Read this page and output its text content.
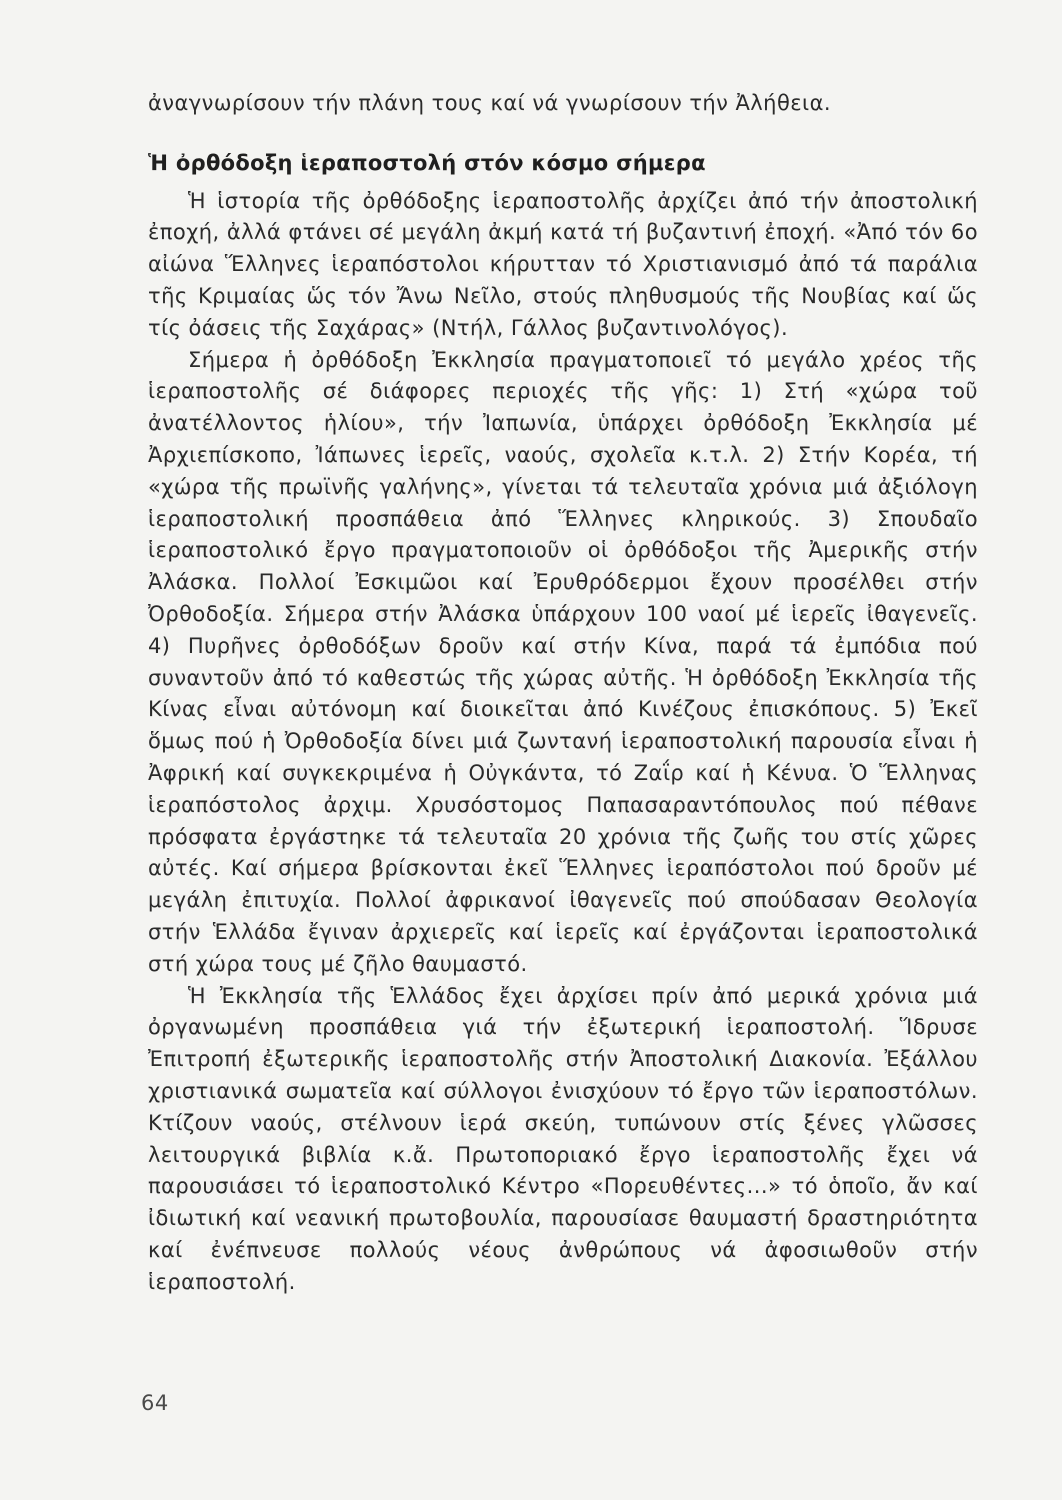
ἀναγνωρίσουν τήν πλάνη τους καί νά γνωρίσουν τήν Ἀλήθεια.

Ἡ ὀρθόδοξη ἱεραποστολή στόν κόσμο σήμερα

Ἡ ἱστορία τῆς ὀρθόδοξης ἱεραποστολῆς ἀρχίζει ἀπό τήν ἀποστολική ἐποχή, ἀλλά φτάνει σέ μεγάλη ἀκμή κατά τή βυζαντινή ἐποχή. «Ἀπό τόν 6ο αἰώνα Ἕλληνες ἱεραπόστολοι κήρυτταν τό Χριστιανισμό ἀπό τά παράλια τῆς Κριμαίας ὥς τόν Ἄνω Νεῖλο, στούς πληθυσμούς τῆς Νουβίας καί ὥς τίς ὀάσεις τῆς Σαχάρας» (Ντήλ, Γάλλος βυζαντινολόγος).

Σήμερα ἡ ὀρθόδοξη Ἐκκλησία πραγματοποιεῖ τό μεγάλο χρέος τῆς ἱεραποστολῆς σέ διάφορες περιοχές τῆς γῆς: 1) Στή «χώρα τοῦ ἀνατέλλοντος ἡλίου», τήν Ἰαπωνία, ὑπάρχει ὀρθόδοξη Ἐκκλησία μέ Ἀρχιεπίσκοπο, Ἰάπωνες ἱερεῖς, ναούς, σχολεῖα κ.τ.λ. 2) Στήν Κορέα, τή «χώρα τῆς πρωϊνῆς γαλήνης», γίνεται τά τελευταῖα χρόνια μιά ἀξιόλογη ἱεραποστολική προσπάθεια ἀπό Ἕλληνες κληρικούς. 3) Σπουδαῖο ἱεραποστολικό ἔργο πραγματοποιοῦν οἱ ὀρθόδοξοι τῆς Ἀμερικῆς στήν Ἀλάσκα. Πολλοί Ἐσκιμῶοι καί Ἐρυθρόδερμοι ἔχουν προσέλθει στήν Ὀρθοδοξία. Σήμερα στήν Ἀλάσκα ὑπάρχουν 100 ναοί μέ ἱερεῖς ἰθαγενεῖς. 4) Πυρῆνες ὀρθοδόξων δροῦν καί στήν Κίνα, παρά τά ἐμπόδια πού συναντοῦν ἀπό τό καθεστώς τῆς χώρας αὐτῆς. Ἡ ὀρθόδοξη Ἐκκλησία τῆς Κίνας εἶναι αὐτόνομη καί διοικεῖται ἀπό Κινέζους ἐπισκόπους. 5) Ἐκεῖ ὅμως πού ἡ Ὀρθοδοξία δίνει μιά ζωντανή ἱεραποστολική παρουσία εἶναι ἡ Ἀφρική καί συγκεκριμένα ἡ Οὐγκάντα, τό Ζαΐρ καί ἡ Κένυα. Ὁ Ἕλληνας ἱεραπόστολος ἀρχιμ. Χρυσόστομος Παπασαραντόπουλος πού πέθανε πρόσφατα ἐργάστηκε τά τελευταῖα 20 χρόνια τῆς ζωῆς του στίς χῶρες αὐτές. Καί σήμερα βρίσκονται ἐκεῖ Ἕλληνες ἱεραπόστολοι πού δροῦν μέ μεγάλη ἐπιτυχία. Πολλοί ἀφρικανοί ἰθαγενεῖς πού σπούδασαν Θεολογία στήν Ἑλλάδα ἔγιναν ἀρχιερεῖς καί ἱερεῖς καί ἐργάζονται ἱεραποστολικά στή χώρα τους μέ ζῆλο θαυμαστό.

Ἡ Ἐκκλησία τῆς Ἑλλάδος ἔχει ἀρχίσει πρίν ἀπό μερικά χρόνια μιά ὀργανωμένη προσπάθεια γιά τήν ἐξωτερική ἱεραποστολή. Ἵδρυσε Ἐπιτροπή ἐξωτερικῆς ἱεραποστολῆς στήν Ἀποστολική Διακονία. Ἐξάλλου χριστιανικά σωματεῖα καί σύλλογοι ἐνισχύουν τό ἔργο τῶν ἱεραποστόλων. Κτίζουν ναούς, στέλνουν ἱερά σκεύη, τυπώνουν στίς ξένες γλῶσσες λειτουργικά βιβλία κ.ἄ. Πρωτοποριακό ἔργο ἱεραποστολῆς ἔχει νά παρουσιάσει τό ἱεραποστολικό Κέντρο «Πορευθέντες...» τό ὁποῖο, ἄν καί ἰδιωτική καί νεανική πρωτοβουλία, παρουσίασε θαυμαστή δραστηριότητα καί ἐνέπνευσε πολλούς νέους ἀνθρώπους νά ἀφοσιωθοῦν στήν ἱεραποστολή.

64
